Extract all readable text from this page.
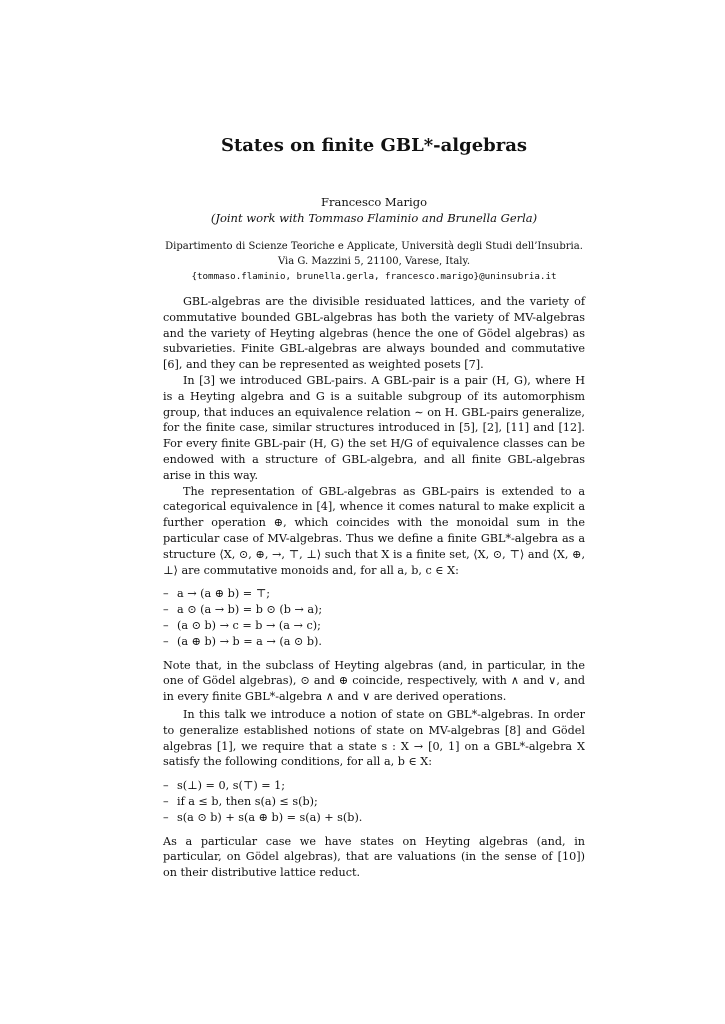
States on finite GBL*-algebras
Francesco Marigo
(Joint work with Tommaso Flaminio and Brunella Gerla)
Dipartimento di Scienze Teoriche e Applicate, Università degli Studi dell’Insubria.
Via G. Mazzini 5, 21100, Varese, Italy.
{tommaso.flaminio, brunella.gerla, francesco.marigo}@uninsubria.it

GBL-algebras are the divisible residuated lattices, and the variety of commutative bounded GBL-algebras has both the variety of MV-algebras and the variety of Heyting algebras (hence the one of Gödel algebras) as subvarieties. Finite GBL-algebras are always bounded and commutative [6], and they can be represented as weighted posets [7].

In [3] we introduced GBL-pairs. A GBL-pair is a pair (H, G), where H is a Heyting algebra and G is a suitable subgroup of its automorphism group, that induces an equivalence relation ∼ on H. GBL-pairs generalize, for the finite case, similar structures introduced in [5], [2], [11] and [12]. For every finite GBL-pair (H, G) the set H/G of equivalence classes can be endowed with a structure of GBL-algebra, and all finite GBL-algebras arise in this way.

The representation of GBL-algebras as GBL-pairs is extended to a categorical equivalence in [4], whence it comes natural to make explicit a further operation ⊕, which coincides with the monoidal sum in the particular case of MV-algebras. Thus we define a finite GBL*-algebra as a structure ⟨X, ⊙, ⊕, →, ⊤, ⊥⟩ such that X is a finite set, ⟨X, ⊙, ⊤⟩ and ⟨X, ⊕, ⊥⟩ are commutative monoids and, for all a, b, c ∈ X:

– a → (a ⊕ b) = ⊤;
– a ⊙ (a → b) = b ⊙ (b → a);
– (a ⊙ b) → c = b → (a → c);
– (a ⊕ b) → b = a → (a ⊙ b).

Note that, in the subclass of Heyting algebras (and, in particular, in the one of Gödel algebras), ⊙ and ⊕ coincide, respectively, with ∧ and ∨, and in every finite GBL*-algebra ∧ and ∨ are derived operations.

In this talk we introduce a notion of state on GBL*-algebras. In order to generalize established notions of state on MV-algebras [8] and Gödel algebras [1], we require that a state s : X → [0, 1] on a GBL*-algebra X satisfy the following conditions, for all a, b ∈ X:

– s(⊥) = 0, s(⊤) = 1;
– if a ≤ b, then s(a) ≤ s(b);
– s(a ⊙ b) + s(a ⊕ b) = s(a) + s(b).

As a particular case we have states on Heyting algebras (and, in particular, on Gödel algebras), that are valuations (in the sense of [10]) on their distributive lattice reduct.
